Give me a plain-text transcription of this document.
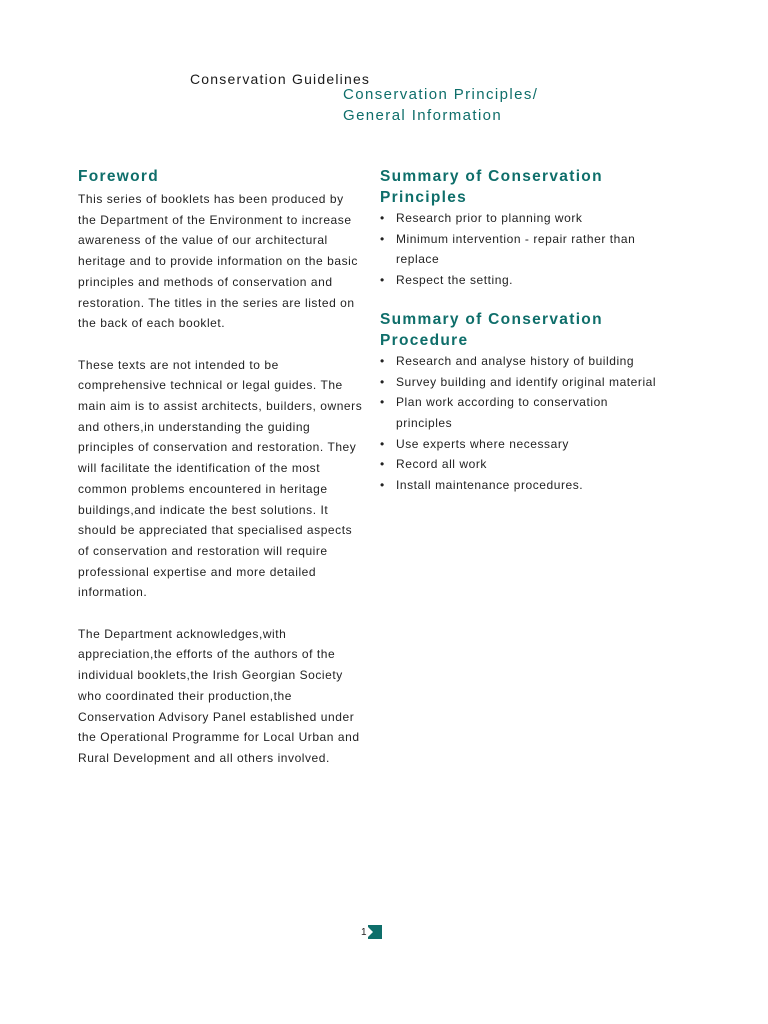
Conservation Guidelines
Conservation Principles/
General Information
Foreword

This series of booklets has been produced by the Department of the Environment to increase awareness of the value of our architectural heritage and to provide information on the basic principles and methods of conservation and restoration. The titles in the series are listed on the back of each booklet.

These texts are not intended to be comprehensive technical or legal guides. The main aim is to assist architects, builders, owners and others,in understanding the guiding principles of conservation and restoration. They will facilitate the identification of the most common problems encountered in heritage buildings,and indicate the best solutions. It should be appreciated that specialised aspects of conservation and restoration will require professional expertise and more detailed information.

The Department acknowledges,with appreciation,the efforts of the authors of the individual booklets,the Irish Georgian Society who coordinated their production,the Conservation Advisory Panel established under the Operational Programme for Local Urban and Rural Development and all others involved.

Summary of Conservation Principles
• Research prior to planning work
• Minimum intervention - repair rather than replace
• Respect the setting.
Summary of Conservation Procedure
• Research and analyse history of building
• Survey building and identify original material
• Plan work according to conservation principles
• Use experts where necessary
• Record all work
• Install maintenance procedures.
1
